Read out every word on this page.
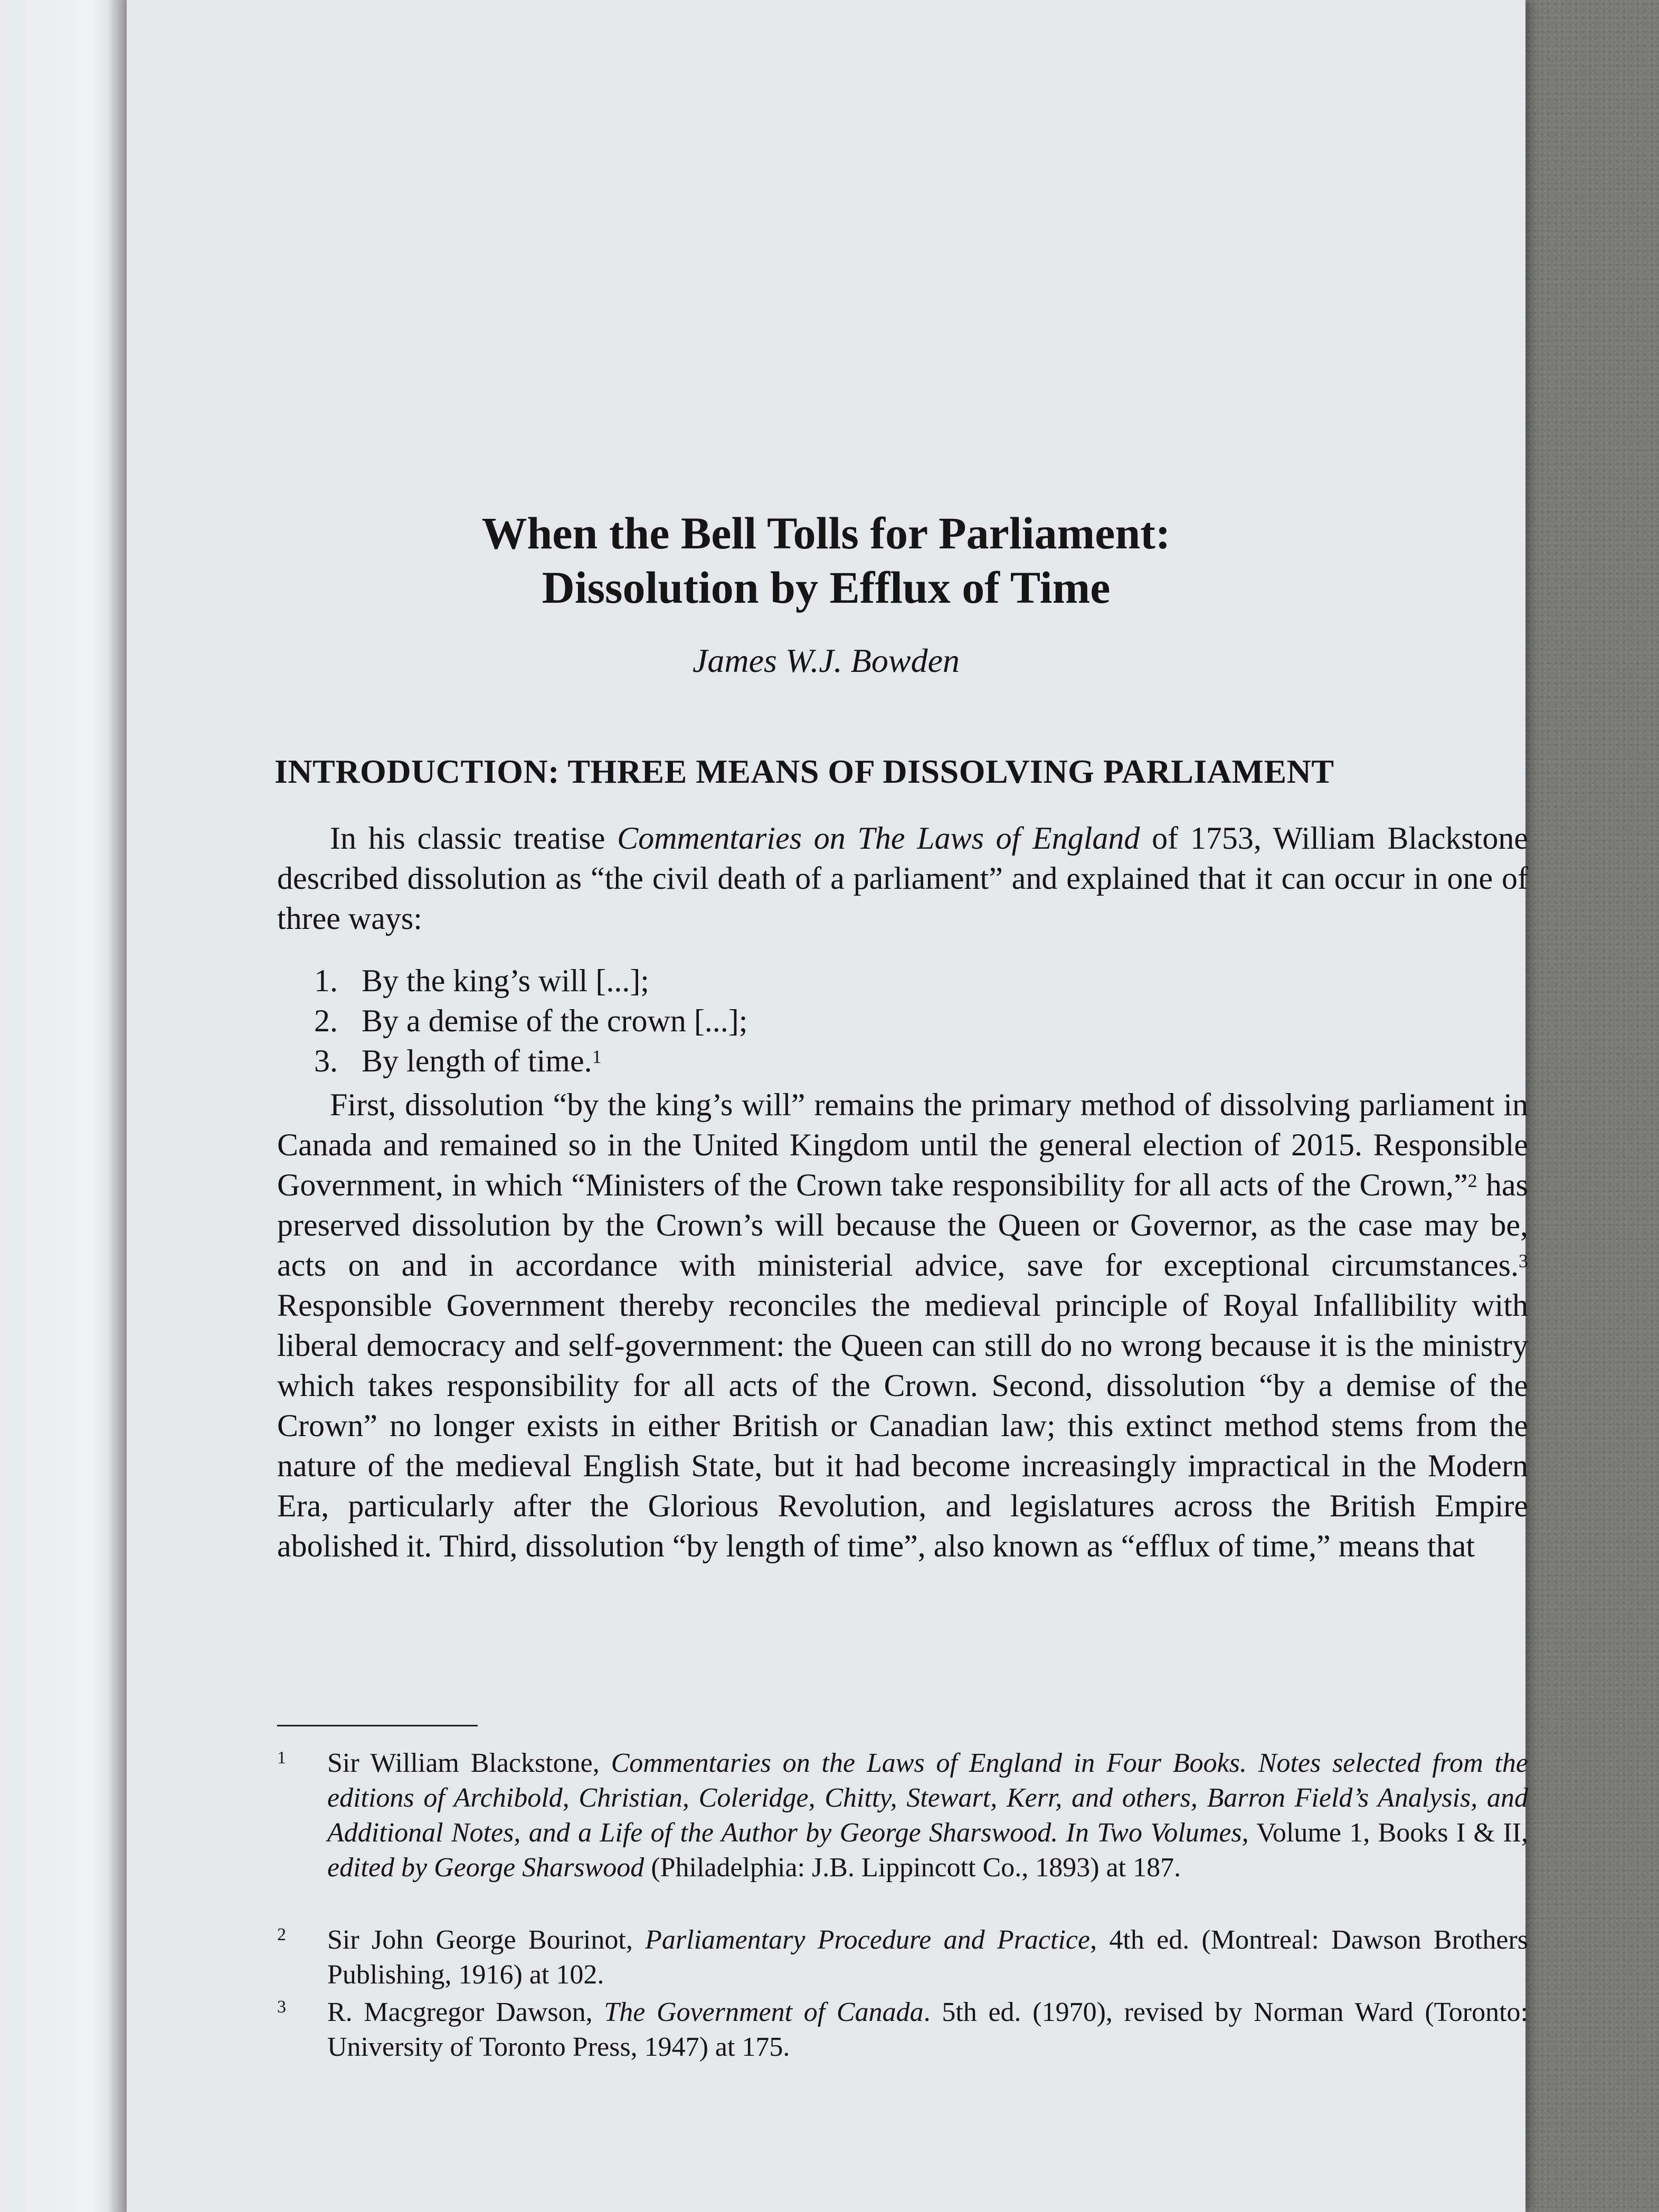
When the Bell Tolls for Parliament:
Dissolution by Efflux of Time
James W.J. Bowden
INTRODUCTION: THREE MEANS OF DISSOLVING PARLIAMENT
In his classic treatise Commentaries on The Laws of England of 1753, William Blackstone described dissolution as “the civil death of a parliament” and explained that it can occur in one of three ways:
1. By the king’s will [...];
2. By a demise of the crown [...];
3. By length of time.$^1$
First, dissolution “by the king’s will” remains the primary method of dissolving parliament in Canada and remained so in the United Kingdom until the general election of 2015. Responsible Government, in which “Ministers of the Crown take responsibility for all acts of the Crown,”$^2$ has preserved dissolution by the Crown’s will because the Queen or Governor, as the case may be, acts on and in accordance with ministerial advice, save for exceptional circumstances.$^3$ Responsible Government thereby reconciles the medieval principle of Royal Infallibility with liberal democracy and self-government: the Queen can still do no wrong because it is the ministry which takes responsibility for all acts of the Crown. Second, dissolution “by a demise of the Crown” no longer exists in either British or Canadian law; this extinct method stems from the nature of the medieval English State, but it had become increasingly impractical in the Modern Era, particularly after the Glorious Revolution, and legislatures across the British Empire abolished it. Third, dissolution “by length of time”, also known as “efflux of time,” means that
1 Sir William Blackstone, Commentaries on the Laws of England in Four Books. Notes selected from the editions of Archibold, Christian, Coleridge, Chitty, Stewart, Kerr, and others, Barron Field’s Analysis, and Additional Notes, and a Life of the Author by George Sharswood. In Two Volumes, Volume 1, Books I & II, edited by George Sharswood (Philadelphia: J.B. Lippincott Co., 1893) at 187.
2 Sir John George Bourinot, Parliamentary Procedure and Practice, 4th ed. (Montreal: Dawson Brothers Publishing, 1916) at 102.
3 R. Macgregor Dawson, The Government of Canada. 5th ed. (1970), revised by Norman Ward (Toronto: University of Toronto Press, 1947) at 175.
